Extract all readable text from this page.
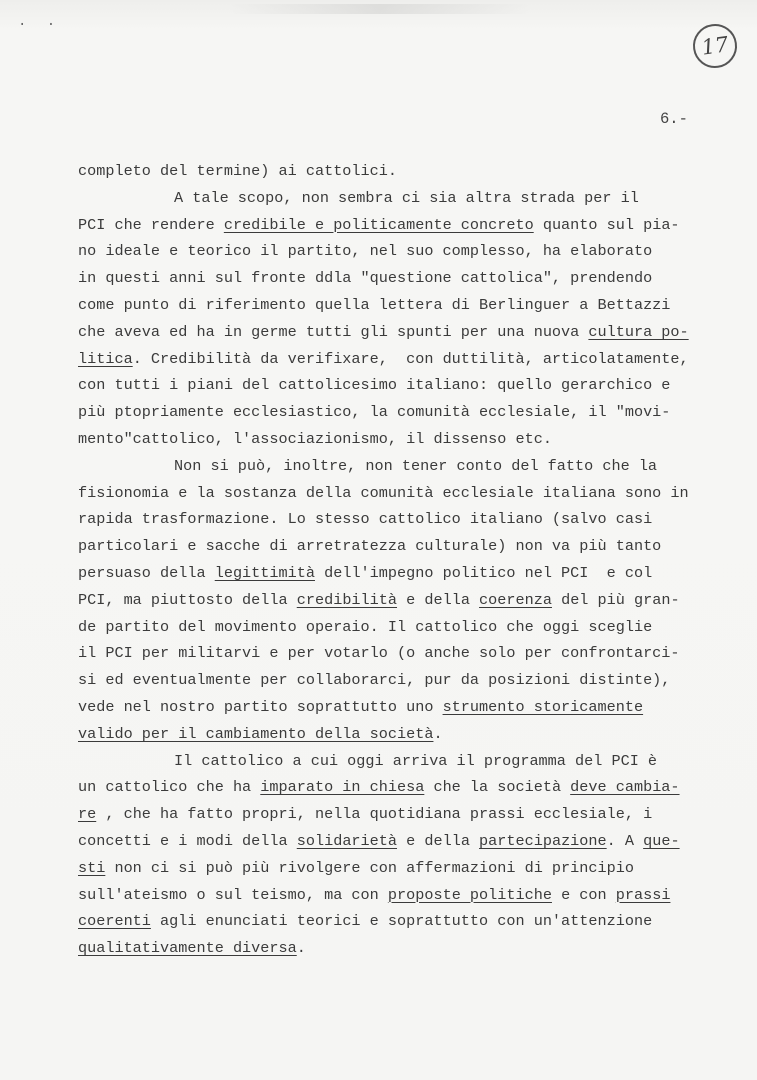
. .
17
6.-
completo del termine) ai cattolici.
A tale scopo, non sembra ci sia altra strada per il
PCI che rendere credibile e politicamente concreto quanto sul pia-
no ideale e teorico il partito, nel suo complesso, ha elaborato
in questi anni sul fronte ddla "questione cattolica", prendendo
come punto di riferimento quella lettera di Berlinguer a Bettazzi
che aveva ed ha in germe tutti gli spunti per una nuova cultura po-
litica. Credibilità da verifixare,  con duttilità, articolatamente,
con tutti i piani del cattolicesimo italiano: quello gerarchico e
più ptopriamente ecclesiastico, la comunità ecclesiale, il "movi-
mento"cattolico, l'associazionismo, il dissenso etc.
Non si può, inoltre, non tener conto del fatto che la
fisionomia e la sostanza della comunità ecclesiale italiana sono in
rapida trasformazione. Lo stesso cattolico italiano (salvo casi
particolari e sacche di arretratezza culturale) non va più tanto
persuaso della legittimità dell'impegno politico nel PCI  e col
PCI, ma piuttosto della credibilità e della coerenza del più gran-
de partito del movimento operaio. Il cattolico che oggi sceglie
il PCI per militarvi e per votarlo (o anche solo per confrontarci-
si ed eventualmente per collaborarci, pur da posizioni distinte),
vede nel nostro partito soprattutto uno strumento storicamente
valido per il cambiamento della società.
Il cattolico a cui oggi arriva il programma del PCI è
un cattolico che ha imparato in chiesa che la società deve cambia-
re , che ha fatto propri, nella quotidiana prassi ecclesiale, i
concetti e i modi della solidarietà e della partecipazione. A que-
sti non ci si può più rivolgere con affermazioni di principio
sull'ateismo o sul teismo, ma con proposte politiche e con prassi
coerenti agli enunciati teorici e soprattutto con un'attenzione
qualitativamente diversa.
